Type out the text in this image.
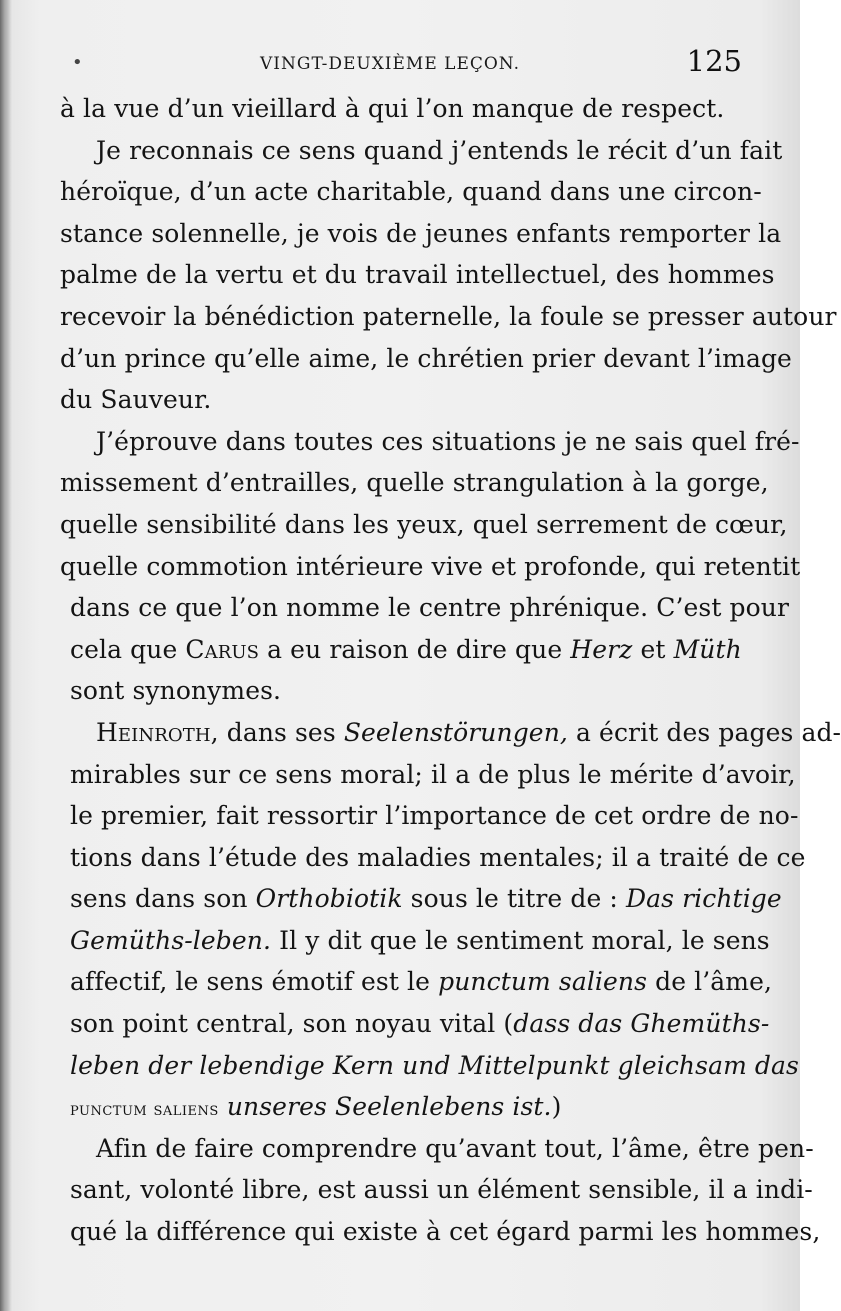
•	VINGT-DEUXIÈME LEÇON.	125
à la vue d’un vieillard à qui l’on manque de respect.
Je reconnais ce sens quand j’entends le récit d’un fait
héroïque, d’un acte charitable, quand dans une circon-
stance solennelle, je vois de jeunes enfants remporter la
palme de la vertu et du travail intellectuel, des hommes
recevoir la bénédiction paternelle, la foule se presser autour
d’un prince qu’elle aime, le chrétien prier devant l’image
du Sauveur.
J’éprouve dans toutes ces situations je ne sais quel fré-
missement d’entrailles, quelle strangulation à la gorge,
quelle sensibilité dans les yeux, quel serrement de cœur,
quelle commotion intérieure vive et profonde, qui retentit
dans ce que l’on nomme le centre phrénique. C’est pour
cela que Carus a eu raison de dire que Herz et Müth
sont synonymes.
Heinroth, dans ses Seelenstörungen, a écrit des pages ad-
mirables sur ce sens moral; il a de plus le mérite d’avoir,
le premier, fait ressortir l’importance de cet ordre de no-
tions dans l’étude des maladies mentales; il a traité de ce
sens dans son Orthobiotik sous le titre de : Das richtige
Gemüths-leben. Il y dit que le sentiment moral, le sens
affectif, le sens émotif est le punctum saliens de l’âme,
son point central, son noyau vital (dass das Ghemüths-
leben der lebendige Kern und Mittelpunkt gleichsam das
punctum saliens unseres Seelenlebens ist.)
Afin de faire comprendre qu’avant tout, l’âme, être pen-
sant, volonté libre, est aussi un élément sensible, il a indi-
qué la différence qui existe à cet égard parmi les hommes,
